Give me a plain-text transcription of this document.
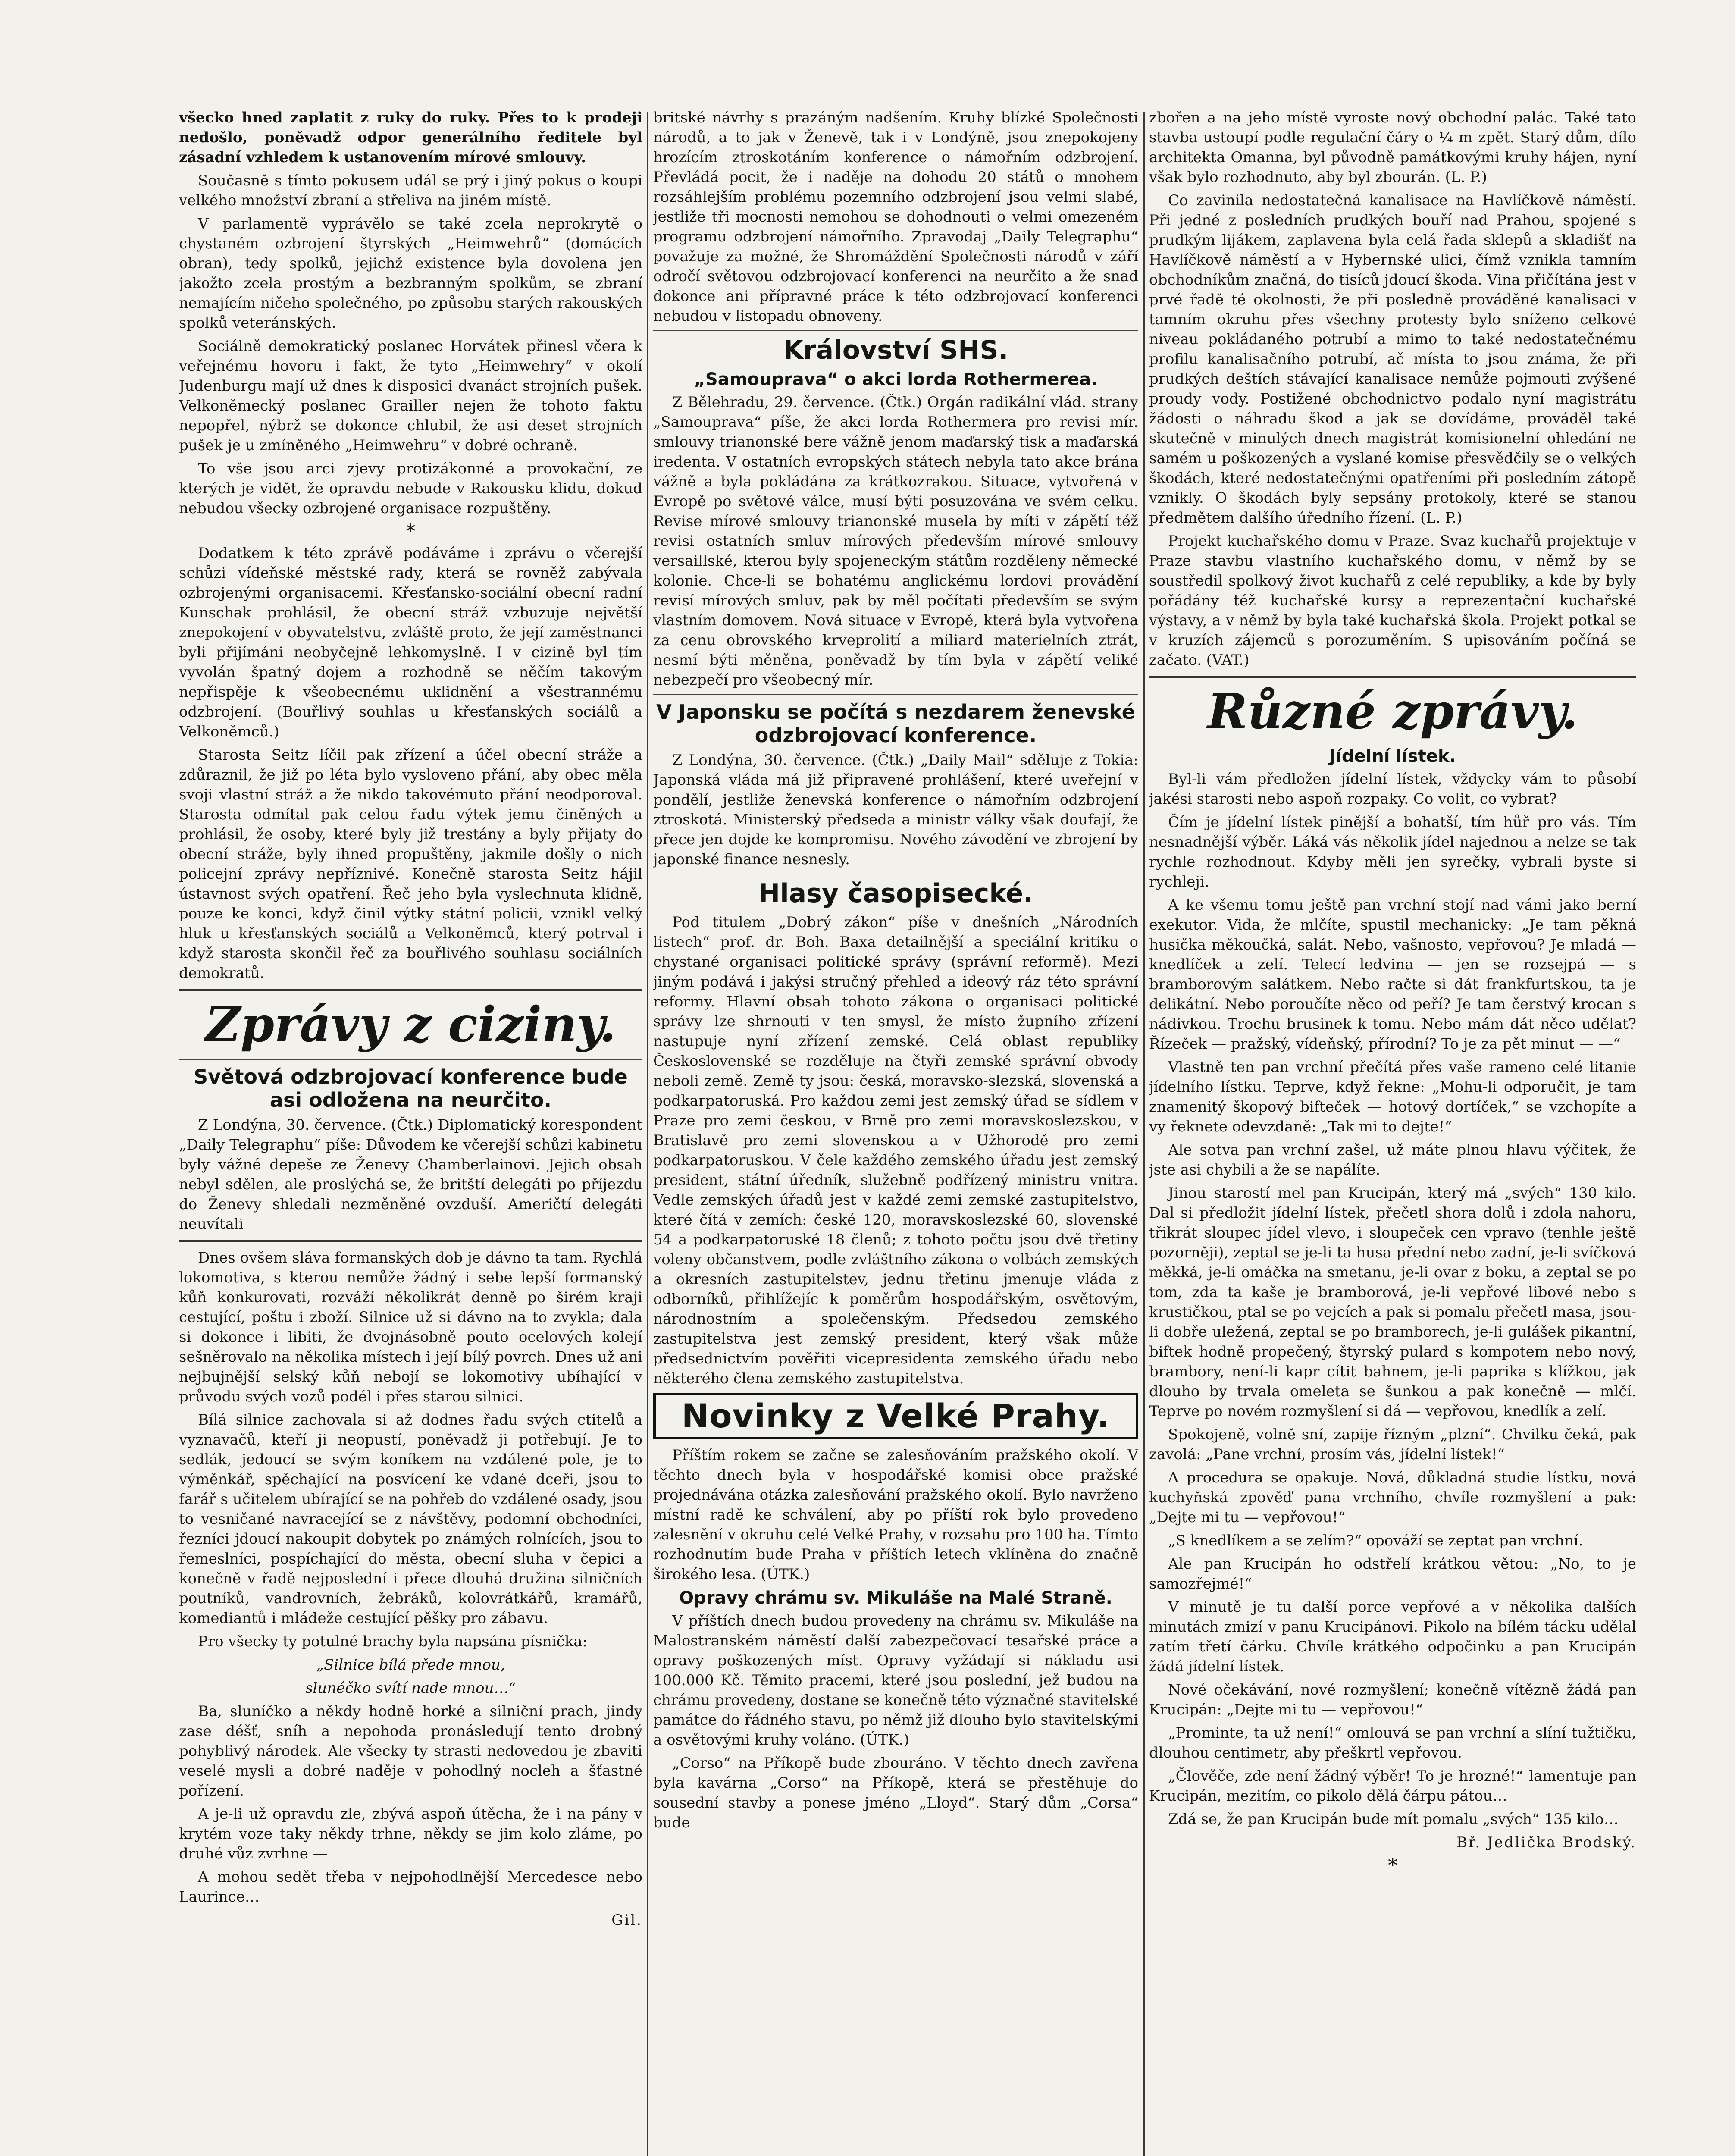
všecko hned zaplatit z ruky do ruky. Přes to k prodeji nedošlo, poněvadž odpor generálního ředitele byl zásadní vzhledem k ustanovením mírové smlouvy.

Současně s tímto pokusem udál se prý i jiný pokus o koupi velkého množství zbraní a střeliva na jiném místě.

V parlamentě vyprávělo se také zcela neprokrytě o chystaném ozbrojení štyrských „Heimwehrů“ (domácích obran), tedy spolků, jejichž existence byla dovolena jen jakožto zcela prostým a bezbranným spolkům, se zbraní nemajícím ničeho společného, po způsobu starých rakouských spolků veteránských.

Sociálně demokratický poslanec Horvátek přinesl včera k veřejnému hovoru i fakt, že tyto „Heimwehry“ v okolí Judenburgu mají už dnes k disposici dvanáct strojních pušek. Velkoněmecký poslanec Grailler nejen že tohoto faktu nepopřel, nýbrž se dokonce chlubil, že asi deset strojních pušek je u zmíněného „Heimwehru“ v dobré ochraně.

To vše jsou arci zjevy protizákonné a provokační, ze kterých je vidět, že opravdu nebude v Rakousku klidu, dokud nebudou všecky ozbrojené organisace rozpuštěny.

*

Dodatkem k této zprávě podáváme i zprávu o včerejší schůzi vídeňské městské rady, která se rovněž zabývala ozbrojenými organisacemi. Křesťansko-sociální obecní radní Kunschak prohlásil, že obecní stráž vzbuzuje největší znepokojení v obyvatelstvu, zvláště proto, že její zaměstnanci byli přijímáni neobyčejně lehkomyslně. I v cizině byl tím vyvolán špatný dojem a rozhodně se něčím takovým nepřispěje k všeobecnému uklidnění a všestrannému odzbrojení. (Bouřlivý souhlas u křesťanských sociálů a Velkoněmců.)

Starosta Seitz líčil pak zřízení a účel obecní stráže a zdůraznil, že již po léta bylo vysloveno přání, aby obec měla svoji vlastní stráž a že nikdo takovémuto přání neodporoval. Starosta odmítal pak celou řadu výtek jemu činěných a prohlásil, že osoby, které byly již trestány a byly přijaty do obecní stráže, byly ihned propuštěny, jakmile došly o nich policejní zprávy nepříznivé. Konečně starosta Seitz hájil ústavnost svých opatření. Řeč jeho byla vyslechnuta klidně, pouze ke konci, když činil výtky státní policii, vznikl velký hluk u křesťanských sociálů a Velkoněmců, který potrval i když starosta skončil řeč za bouřlivého souhlasu sociálních demokratů.

Zprávy z ciziny.
Světová odzbrojovací konference bude asi odložena na neurčito.

Z Londýna, 30. července. (Čtk.) Diplomatický korespondent „Daily Telegraphu“ píše: Důvodem ke včerejší schůzi kabinetu byly vážné depeše ze Ženevy Chamberlainovi. Jejich obsah nebyl sdělen, ale proslýchá se, že britští delegáti po příjezdu do Ženevy shledali nezměněné ovzduší. Američtí delegáti neuvítali

Dnes ovšem sláva formanských dob je dávno ta tam. Rychlá lokomotiva, s kterou nemůže žádný i sebe lepší formanský kůň konkurovati, rozváží několikrát denně po širém kraji cestující, poštu i zboží. Silnice už si dávno na to zvykla; dala si dokonce i libiti, že dvojnásobně pouto ocelových kolejí sešněrovalo na několika místech i její bílý povrch. Dnes už ani nejbujnější selský kůň nebojí se lokomotivy ubíhající v průvodu svých vozů podél i přes starou silnici.

Bílá silnice zachovala si až dodnes řadu svých ctitelů a vyznavačů, kteří ji neopustí, poněvadž ji potřebují. Je to sedlák, jedoucí se svým koníkem na vzdálené pole, je to výměnkář, spěchající na posvícení ke vdané dceři, jsou to farář s učitelem ubírající se na pohřeb do vzdálené osady, jsou to vesničané navracející se z návštěvy, podomní obchodníci, řezníci jdoucí nakoupit dobytek po známých rolnících, jsou to řemeslníci, pospíchající do města, obecní sluha v čepici a konečně v řadě nejposlední i přece dlouhá družina silničních poutníků, vandrovních, žebráků, kolovrátkářů, kramářů, komediantů i mládeže cestující pěšky pro zábavu.

Pro všecky ty potulné brachy byla napsána písnička:

„Silnice bílá přede mnou,

slunéčko svítí nade mnou…“

Ba, sluníčko a někdy hodně horké a silniční prach, jindy zase déšť, sníh a nepohoda pronásledují tento drobný pohyblivý národek. Ale všecky ty strasti nedovedou je zbaviti veselé mysli a dobré naděje v pohodlný nocleh a šťastné pořízení.

A je-li už opravdu zle, zbývá aspoň útěcha, že i na pány v krytém voze taky někdy trhne, někdy se jim kolo zláme, po druhé vůz zvrhne —

A mohou sedět třeba v nejpohodlnější Mercedesce nebo Laurince…

Gil.

britské návrhy s prazáným nadšením. Kruhy blízké Společnosti národů, a to jak v Ženevě, tak i v Londýně, jsou znepokojeny hrozícím ztroskotáním konference o námořním odzbrojení. Převládá pocit, že i naděje na dohodu 20 států o mnohem rozsáhlejším problému pozemního odzbrojení jsou velmi slabé, jestliže tři mocnosti nemohou se dohodnouti o velmi omezeném programu odzbrojení námořního. Zpravodaj „Daily Telegraphu“ považuje za možné, že Shromáždění Společnosti národů v září odročí světovou odzbrojovací konferenci na neurčito a že snad dokonce ani přípravné práce k této odzbrojovací konferenci nebudou v listopadu obnoveny.

Království SHS.
„Samouprava“ o akci lorda Rothermerea.

Z Bělehradu, 29. července. (Čtk.) Orgán radikální vlád. strany „Samouprava“ píše, že akci lorda Rothermera pro revisi mír. smlouvy trianonské bere vážně jenom maďarský tisk a maďarská iredenta. V ostatních evropských státech nebyla tato akce brána vážně a byla pokládána za krátkozrakou. Situace, vytvořená v Evropě po světové válce, musí býti posuzována ve svém celku. Revise mírové smlouvy trianonské musela by míti v zápětí též revisi ostatních smluv mírových především mírové smlouvy versaillské, kterou byly spojeneckým státům rozděleny německé kolonie. Chce-li se bohatému anglickému lordovi provádění revisí mírových smluv, pak by měl počítati především se svým vlastním domovem. Nová situace v Evropě, která byla vytvořena za cenu obrovského krveprolití a miliard materielních ztrát, nesmí býti měněna, poněvadž by tím byla v zápětí veliké nebezpečí pro všeobecný mír.

V Japonsku se počítá s nezdarem ženevské odzbrojovací konference.

Z Londýna, 30. července. (Čtk.) „Daily Mail“ sděluje z Tokia: Japonská vláda má již připravené prohlášení, které uveřejní v pondělí, jestliže ženevská konference o námořním odzbrojení ztroskotá. Ministerský předseda a ministr války však doufají, že přece jen dojde ke kompromisu. Nového závodění ve zbrojení by japonské finance nesnesly.

Hlasy časopisecké.

Pod titulem „Dobrý zákon“ píše v dnešních „Národních listech“ prof. dr. Boh. Baxa detailnější a speciální kritiku o chystané organisaci politické správy (správní reformě). Mezi jiným podává i jakýsi stručný přehled a ideový ráz této správní reformy. Hlavní obsah tohoto zákona o organisaci politické správy lze shrnouti v ten smysl, že místo župního zřízení nastupuje nyní zřízení zemské. Celá oblast republiky Československé se rozděluje na čtyři zemské správní obvody neboli země. Země ty jsou: česká, moravsko-slezská, slovenská a podkarpatoruská. Pro každou zemi jest zemský úřad se sídlem v Praze pro zemi českou, v Brně pro zemi moravskoslezskou, v Bratislavě pro zemi slovenskou a v Užhorodě pro zemi podkarpatoruskou. V čele každého zemského úřadu jest zemský president, státní úředník, služebně podřízený ministru vnitra. Vedle zemských úřadů jest v každé zemi zemské zastupitelstvo, které čítá v zemích: české 120, moravskoslezské 60, slovenské 54 a podkarpatoruské 18 členů; z tohoto počtu jsou dvě třetiny voleny občanstvem, podle zvláštního zákona o volbách zemských a okresních zastupitelstev, jednu třetinu jmenuje vláda z odborníků, přihlížejíc k poměrům hospodářským, osvětovým, národnostním a společenským. Předsedou zemského zastupitelstva jest zemský president, který však může předsednictvím pověřiti vicepresidenta zemského úřadu nebo některého člena zemského zastupitelstva.

Novinky z Velké Prahy.

Příštím rokem se začne se zalesňováním pražského okolí. V těchto dnech byla v hospodářské komisi obce pražské projednávána otázka zalesňování pražského okolí. Bylo navrženo místní radě ke schválení, aby po příští rok bylo provedeno zalesnění v okruhu celé Velké Prahy, v rozsahu pro 100 ha. Tímto rozhodnutím bude Praha v příštích letech vklíněna do značně širokého lesa. (ÚTK.)

Opravy chrámu sv. Mikuláše na Malé Straně.

V příštích dnech budou provedeny na chrámu sv. Mikuláše na Malostranském náměstí další zabezpečovací tesařské práce a opravy poškozených míst. Opravy vyžádají si nákladu asi 100.000 Kč. Těmito pracemi, které jsou poslední, jež budou na chrámu provedeny, dostane se konečně této význačné stavitelské památce do řádného stavu, po němž již dlouho bylo stavitelskými a osvětovými kruhy voláno. (ÚTK.)

„Corso“ na Příkopě bude zbouráno. V těchto dnech zavřena byla kavárna „Corso“ na Příkopě, která se přestěhuje do sousední stavby a ponese jméno „Lloyd“. Starý dům „Corsa“ bude

zbořen a na jeho místě vyroste nový obchodní palác. Také tato stavba ustoupí podle regulační čáry o ¼ m zpět. Starý dům, dílo architekta Omanna, byl původně památkovými kruhy hájen, nyní však bylo rozhodnuto, aby byl zbourán. (L. P.)

Co zavinila nedostatečná kanalisace na Havlíčkově náměstí. Při jedné z posledních prudkých bouří nad Prahou, spojené s prudkým lijákem, zaplavena byla celá řada sklepů a skladišť na Havlíčkově náměstí a v Hybernské ulici, čímž vznikla tamním obchodníkům značná, do tisíců jdoucí škoda. Vina přičítána jest v prvé řadě té okolnosti, že při posledně prováděné kanalisaci v tamním okruhu přes všechny protesty bylo sníženo celkové niveau pokládaného potrubí a mimo to také nedostatečnému profilu kanalisačního potrubí, ač místa to jsou známa, že při prudkých deštích stávající kanalisace nemůže pojmouti zvýšené proudy vody. Postižené obchodnictvo podalo nyní magistrátu žádosti o náhradu škod a jak se dovídáme, prováděl také skutečně v minulých dnech magistrát komisionelní ohledání ne samém u poškozených a vyslané komise přesvědčily se o velkých škodách, které nedostatečnými opatřeními při posledním zátopě vznikly. O škodách byly sepsány protokoly, které se stanou předmětem dalšího úředního řízení. (L. P.)

Projekt kuchařského domu v Praze. Svaz kuchařů projektuje v Praze stavbu vlastního kuchařského domu, v němž by se soustředil spolkový život kuchařů z celé republiky, a kde by byly pořádány též kuchařské kursy a reprezentační kuchařské výstavy, a v němž by byla také kuchařská škola. Projekt potkal se v kruzích zájemců s porozuměním. S upisováním počíná se začato. (VAT.)

Různé zprávy.
Jídelní lístek.

Byl-li vám předložen jídelní lístek, vždycky vám to působí jakési starosti nebo aspoň rozpaky. Co volit, co vybrat?

Čím je jídelní lístek pinější a bohatší, tím hůř pro vás. Tím nesnadnější výběr. Láká vás několik jídel najednou a nelze se tak rychle rozhodnout. Kdyby měli jen syrečky, vybrali byste si rychleji.

A ke všemu tomu ještě pan vrchní stojí nad vámi jako berní exekutor. Vida, že mlčíte, spustil mechanicky: „Je tam pěkná husička měkoučká, salát. Nebo, vašnosto, vepřovou? Je mladá — knedlíček a zelí. Telecí ledvina — jen se rozsejpá — s bramborovým salátkem. Nebo račte si dát frankfurtskou, ta je delikátní. Nebo poroučíte něco od peří? Je tam čerstvý krocan s nádivkou. Trochu brusinek k tomu. Nebo mám dát něco udělat? Řízeček — pražský, vídeňský, přírodní? To je za pět minut — —“

Vlastně ten pan vrchní přečítá přes vaše rameno celé litanie jídelního lístku. Teprve, když řekne: „Mohu-li odporučit, je tam znamenitý škopový bifteček — hotový dortíček,“ se vzchopíte a vy řeknete odevzdaně: „Tak mi to dejte!“

Ale sotva pan vrchní zašel, už máte plnou hlavu výčitek, že jste asi chybili a že se napálíte.

Jinou starostí mel pan Krucipán, který má „svých“ 130 kilo. Dal si předložit jídelní lístek, přečetl shora dolů i zdola nahoru, třikrát sloupec jídel vlevo, i sloupeček cen vpravo (tenhle ještě pozorněji), zeptal se je-li ta husa přední nebo zadní, je-li svíčková měkká, je-li omáčka na smetanu, je-li ovar z boku, a zeptal se po tom, zda ta kaše je bramborová, je-li vepřové libové nebo s krustičkou, ptal se po vejcích a pak si pomalu přečetl masa, jsou-li dobře uležená, zeptal se po bramborech, je-li gulášek pikantní, biftek hodně propečený, štyrský pulard s kompotem nebo nový, brambory, není-li kapr cítit bahnem, je-li paprika s klížkou, jak dlouho by trvala omeleta se šunkou a pak konečně — mlčí. Teprve po novém rozmyšlení si dá — vepřovou, knedlík a zelí.

Spokojeně, volně sní, zapije řízným „plzní“. Chvilku čeká, pak zavolá: „Pane vrchní, prosím vás, jídelní lístek!“

A procedura se opakuje. Nová, důkladná studie lístku, nová kuchyňská zpověď pana vrchního, chvíle rozmyšlení a pak: „Dejte mi tu — vepřovou!“

„S knedlíkem a se zelím?“ opováží se zeptat pan vrchní.

Ale pan Krucipán ho odstřelí krátkou větou: „No, to je samozřejmé!“

V minutě je tu další porce vepřové a v několika dalších minutách zmizí v panu Krucipánovi. Pikolo na bílém tácku udělal zatím třetí čárku. Chvíle krátkého odpočinku a pan Krucipán žádá jídelní lístek.

Nové očekávání, nové rozmyšlení; konečně vítězně žádá pan Krucipán: „Dejte mi tu — vepřovou!“

„Prominte, ta už není!“ omlouvá se pan vrchní a slíní tužtičku, dlouhou centimetr, aby přeškrtl vepřovou.

„Člověče, zde není žádný výběr! To je hrozné!“ lamentuje pan Krucipán, mezitím, co pikolo dělá čárpu pátou…

Zdá se, že pan Krucipán bude mít pomalu „svých“ 135 kilo…

Bř. Jedlička Brodský.

*
